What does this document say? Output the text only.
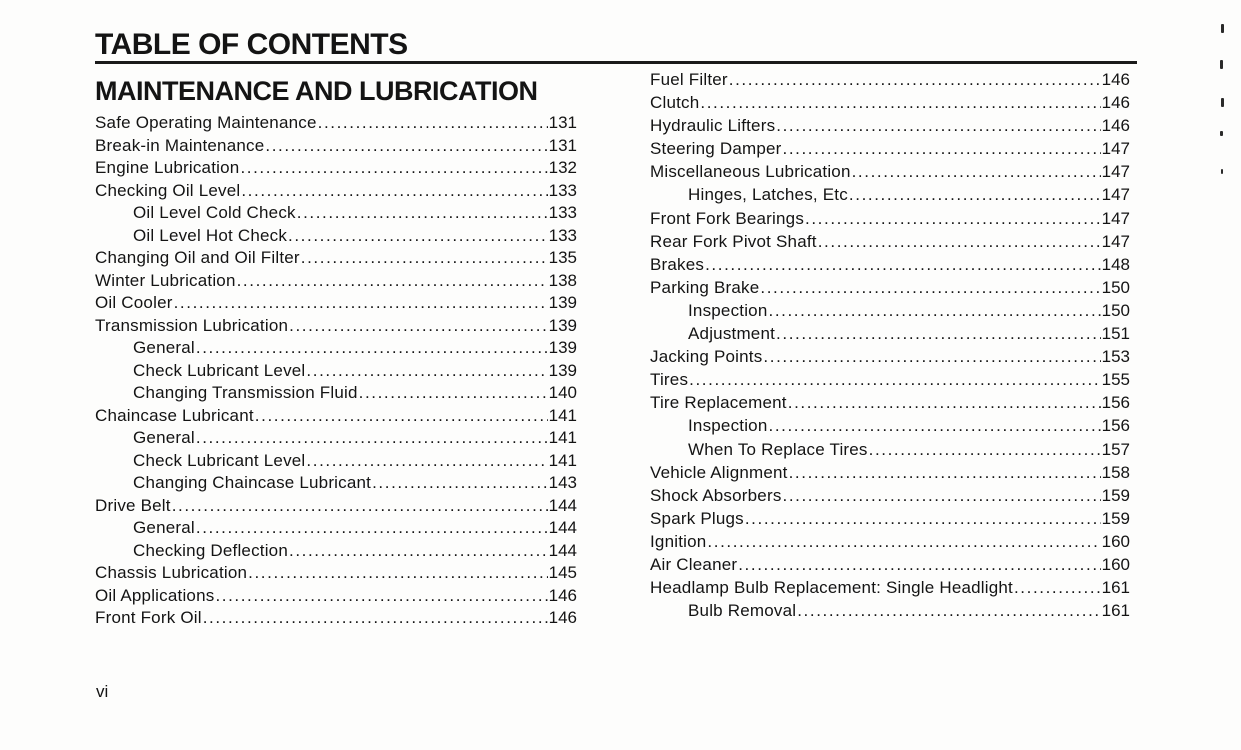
TABLE OF CONTENTS
MAINTENANCE AND LUBRICATION
Safe Operating Maintenance .....	131
Break-in Maintenance .....	131
Engine Lubrication .....	132
Checking Oil Level .....	133
Oil Level Cold Check .....	133
Oil Level Hot Check .....	133
Changing Oil and Oil Filter .....	135
Winter Lubrication .....	138
Oil Cooler .....	139
Transmission Lubrication .....	139
General .....	139
Check Lubricant Level .....	139
Changing Transmission Fluid .....	140
Chaincase Lubricant .....	141
General .....	141
Check Lubricant Level .....	141
Changing Chaincase Lubricant .....	143
Drive Belt .....	144
General .....	144
Checking Deflection .....	144
Chassis Lubrication .....	145
Oil Applications .....	146
Front Fork Oil .....	146
Fuel Filter .....	146
Clutch .....	146
Hydraulic Lifters .....	146
Steering Damper .....	147
Miscellaneous Lubrication .....	147
Hinges, Latches, Etc .....	147
Front Fork Bearings .....	147
Rear Fork Pivot Shaft .....	147
Brakes .....	148
Parking Brake .....	150
Inspection .....	150
Adjustment .....	151
Jacking Points .....	153
Tires .....	155
Tire Replacement .....	156
Inspection .....	156
When To Replace Tires .....	157
Vehicle Alignment .....	158
Shock Absorbers .....	159
Spark Plugs .....	159
Ignition .....	160
Air Cleaner .....	160
Headlamp Bulb Replacement: Single Headlight .....	161
Bulb Removal .....	161
vi
